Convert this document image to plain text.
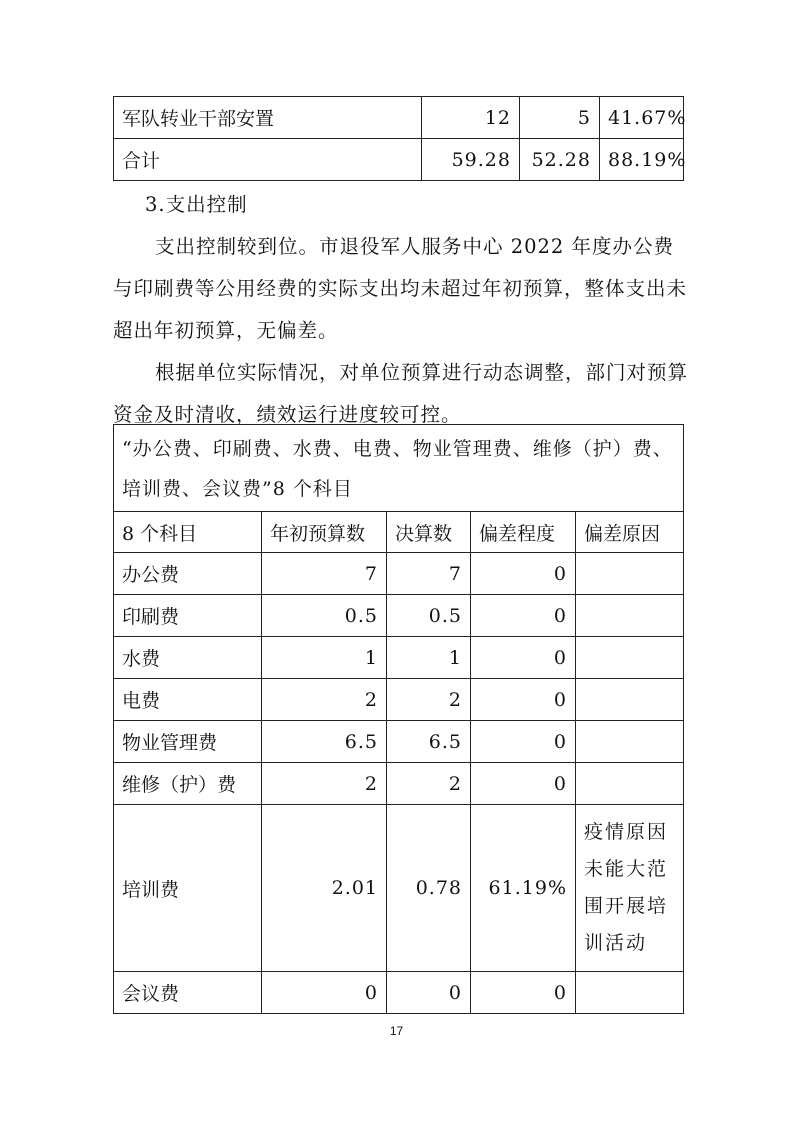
军队转业干部安置	12	5	41.67%
合计	59.28	52.28	88.19%

3.支出控制

支出控制较到位。市退役军人服务中心 2022 年度办公费与印刷费等公用经费的实际支出均未超过年初预算，整体支出未超出年初预算，无偏差。

根据单位实际情况，对单位预算进行动态调整，部门对预算资金及时清收，绩效运行进度较可控。

“办公费、印刷费、水费、电费、物业管理费、维修（护）费、培训费、会议费”8 个科目				
8 个科目	年初预算数	决算数	偏差程度	偏差原因
办公费	7	7	0	
印刷费	0.5	0.5	0	
水费	1	1	0	
电费	2	2	0	
物业管理费	6.5	6.5	0	
维修（护）费	2	2	0	
培训费	2.01	0.78	61.19%	疫情原因未能大范围开展培训活动
会议费	0	0	0	
17
